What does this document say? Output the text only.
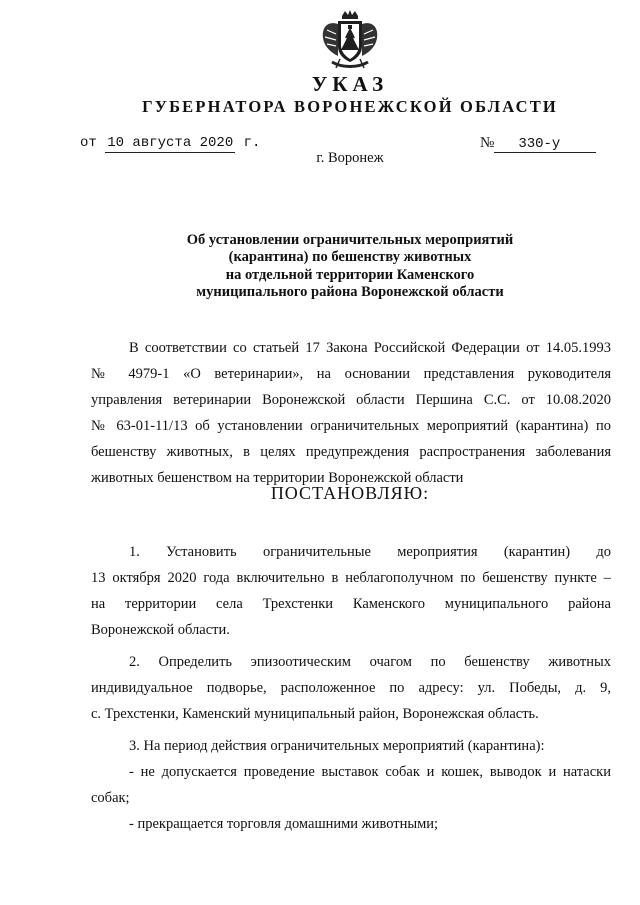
УКАЗ
ГУБЕРНАТОРА ВОРОНЕЖСКОЙ ОБЛАСТИ
от 10 августа 2020 г.	№ 330-у
г. Воронеж
Об установлении ограничительных мероприятий
(карантина) по бешенству животных
на отдельной территории Каменского
муниципального района Воронежской области
В соответствии со статьей 17 Закона Российской Федерации от 14.05.1993
№ 4979-1 «О ветеринарии», на основании представления руководителя
управления ветеринарии Воронежской области Першина С.С. от 10.08.2020
№ 63-01-11/13 об установлении ограничительных мероприятий (карантина) по
бешенству животных, в целях предупреждения распространения заболевания
животных бешенством на территории Воронежской области
ПОСТАНОВЛЯЮ:
1. Установить ограничительные мероприятия (карантин) до
13 октября 2020 года включительно в неблагополучном по бешенству пункте –
на территории села Трехстенки Каменского муниципального района
Воронежской области.
2. Определить эпизоотическим очагом по бешенству животных
индивидуальное подворье, расположенное по адресу: ул. Победы, д. 9,
с. Трехстенки, Каменский муниципальный район, Воронежская область.
3. На период действия ограничительных мероприятий (карантина):
- не допускается проведение выставок собак и кошек, выводок и натаски
собак;
- прекращается торговля домашними животными;
